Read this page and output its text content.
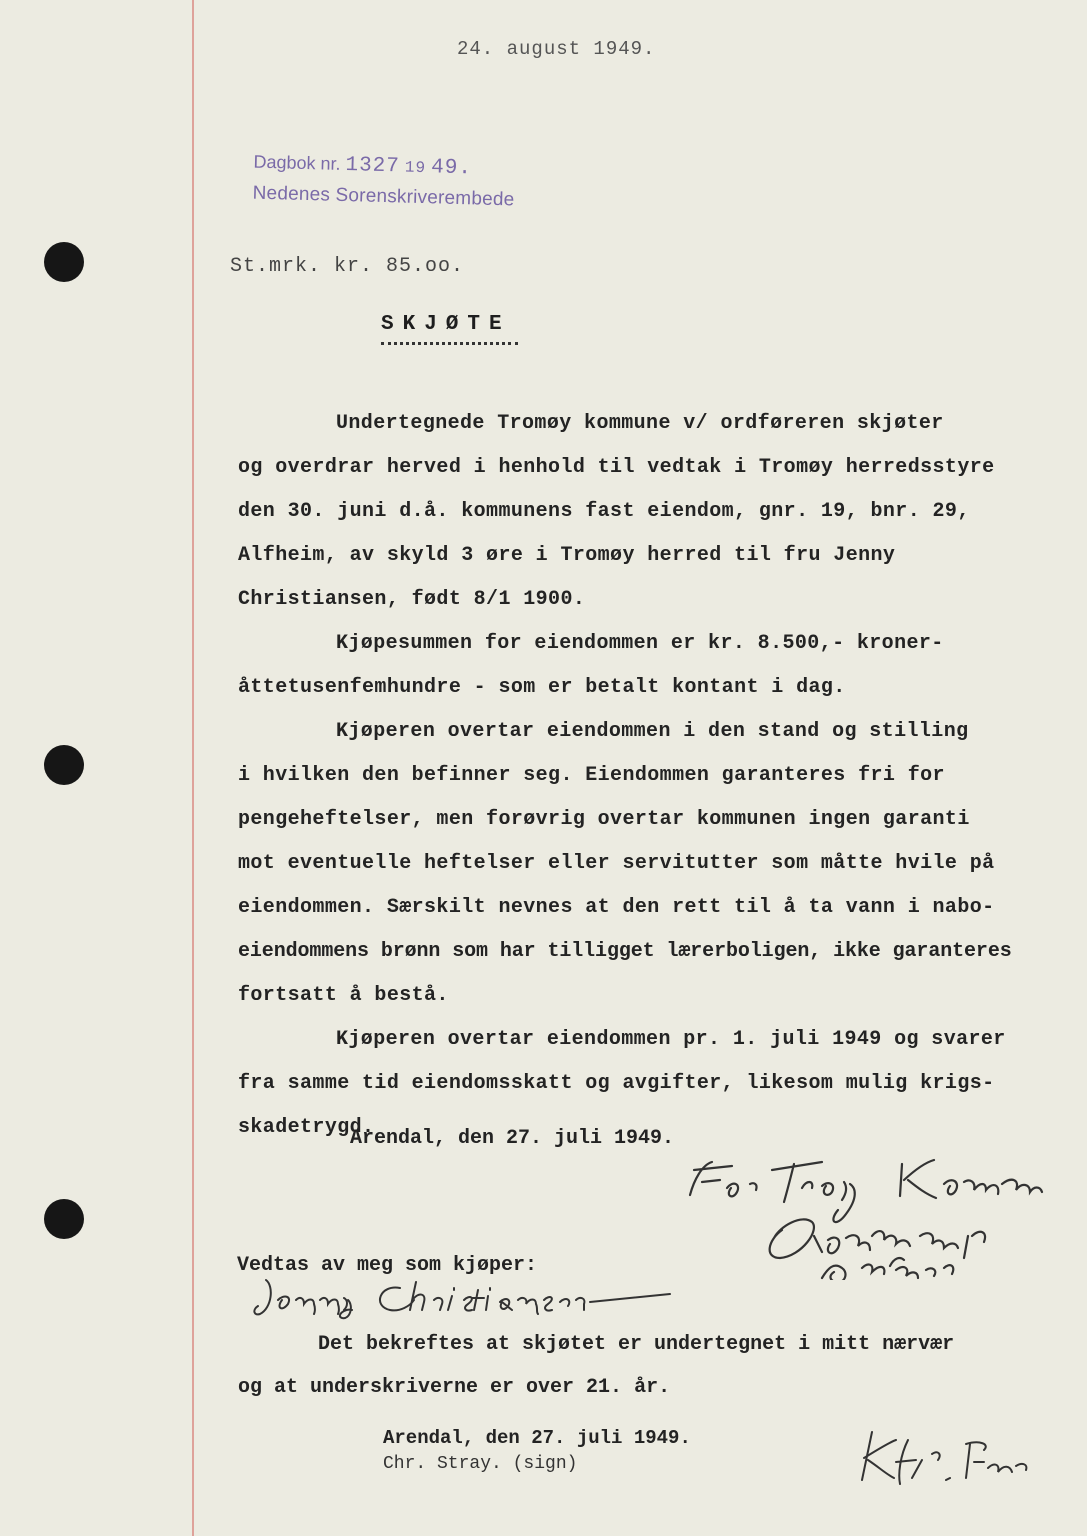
24. august 1949.
Dagbok nr. 1327 19 49.
Nedenes Sorenskriverembede
St.mrk. kr. 85.oo.
SKJØTE
Undertegnede Tromøy kommune v/ ordføreren skjøter
og overdrar herved i henhold til vedtak i Tromøy herredsstyre
den 30. juni d.å. kommunens fast eiendom, gnr. 19, bnr. 29,
Alfheim, av skyld 3 øre i Tromøy herred til fru Jenny
Christiansen, født 8/1 1900.
Kjøpesummen for eiendommen er kr. 8.500,- kroner-
åttetusenfemhundre - som er betalt kontant i dag.
Kjøperen overtar eiendommen i den stand og stilling
i hvilken den befinner seg. Eiendommen garanteres fri for
pengeheftelser, men forøvrig overtar kommunen ingen garanti
mot eventuelle heftelser eller servitutter som måtte hvile på
eiendommen. Særskilt nevnes at den rett til å ta vann i nabo-
eiendommens brønn som har tilligget lærerboligen, ikke garanteres
fortsatt å bestå.
Kjøperen overtar eiendommen pr. 1. juli 1949 og svarer
fra samme tid eiendomsskatt og avgifter, likesom mulig krigs-
skadetrygd.
Arendal, den 27. juli 1949.
Vedtas av meg som kjøper:
Det bekreftes at skjøtet er undertegnet i mitt nærvær
og at underskriverne er over 21. år.
Arendal, den 27. juli 1949.
Chr. Stray. (sign)
